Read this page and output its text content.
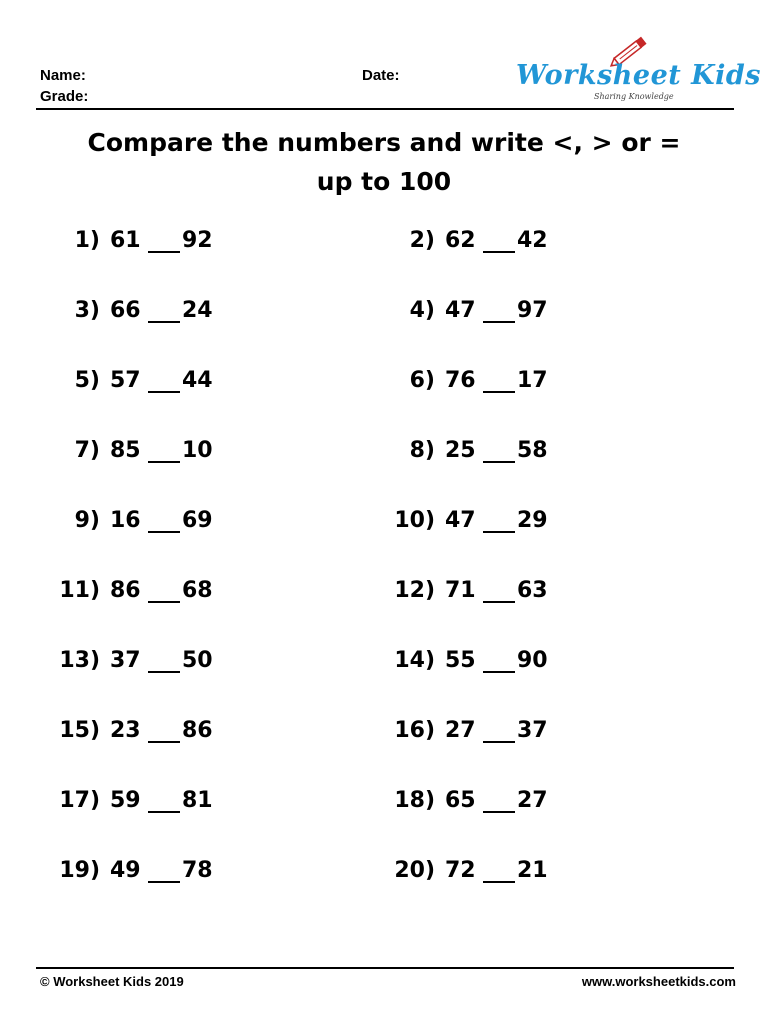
Name:
Grade:
Date:	Worksheet Kids
Sharing Knowledge
Compare the numbers and write <, > or =
up to 100
1) 61 92	2) 62 42
3) 66 24	4) 47 97
5) 57 44	6) 76 17
7) 85 10	8) 25 58
9) 16 69	10) 47 29
11) 86 68	12) 71 63
13) 37 50	14) 55 90
15) 23 86	16) 27 37
17) 59 81	18) 65 27
19) 49 78	20) 72 21
© Worksheet Kids 2019	www.worksheetkids.com
